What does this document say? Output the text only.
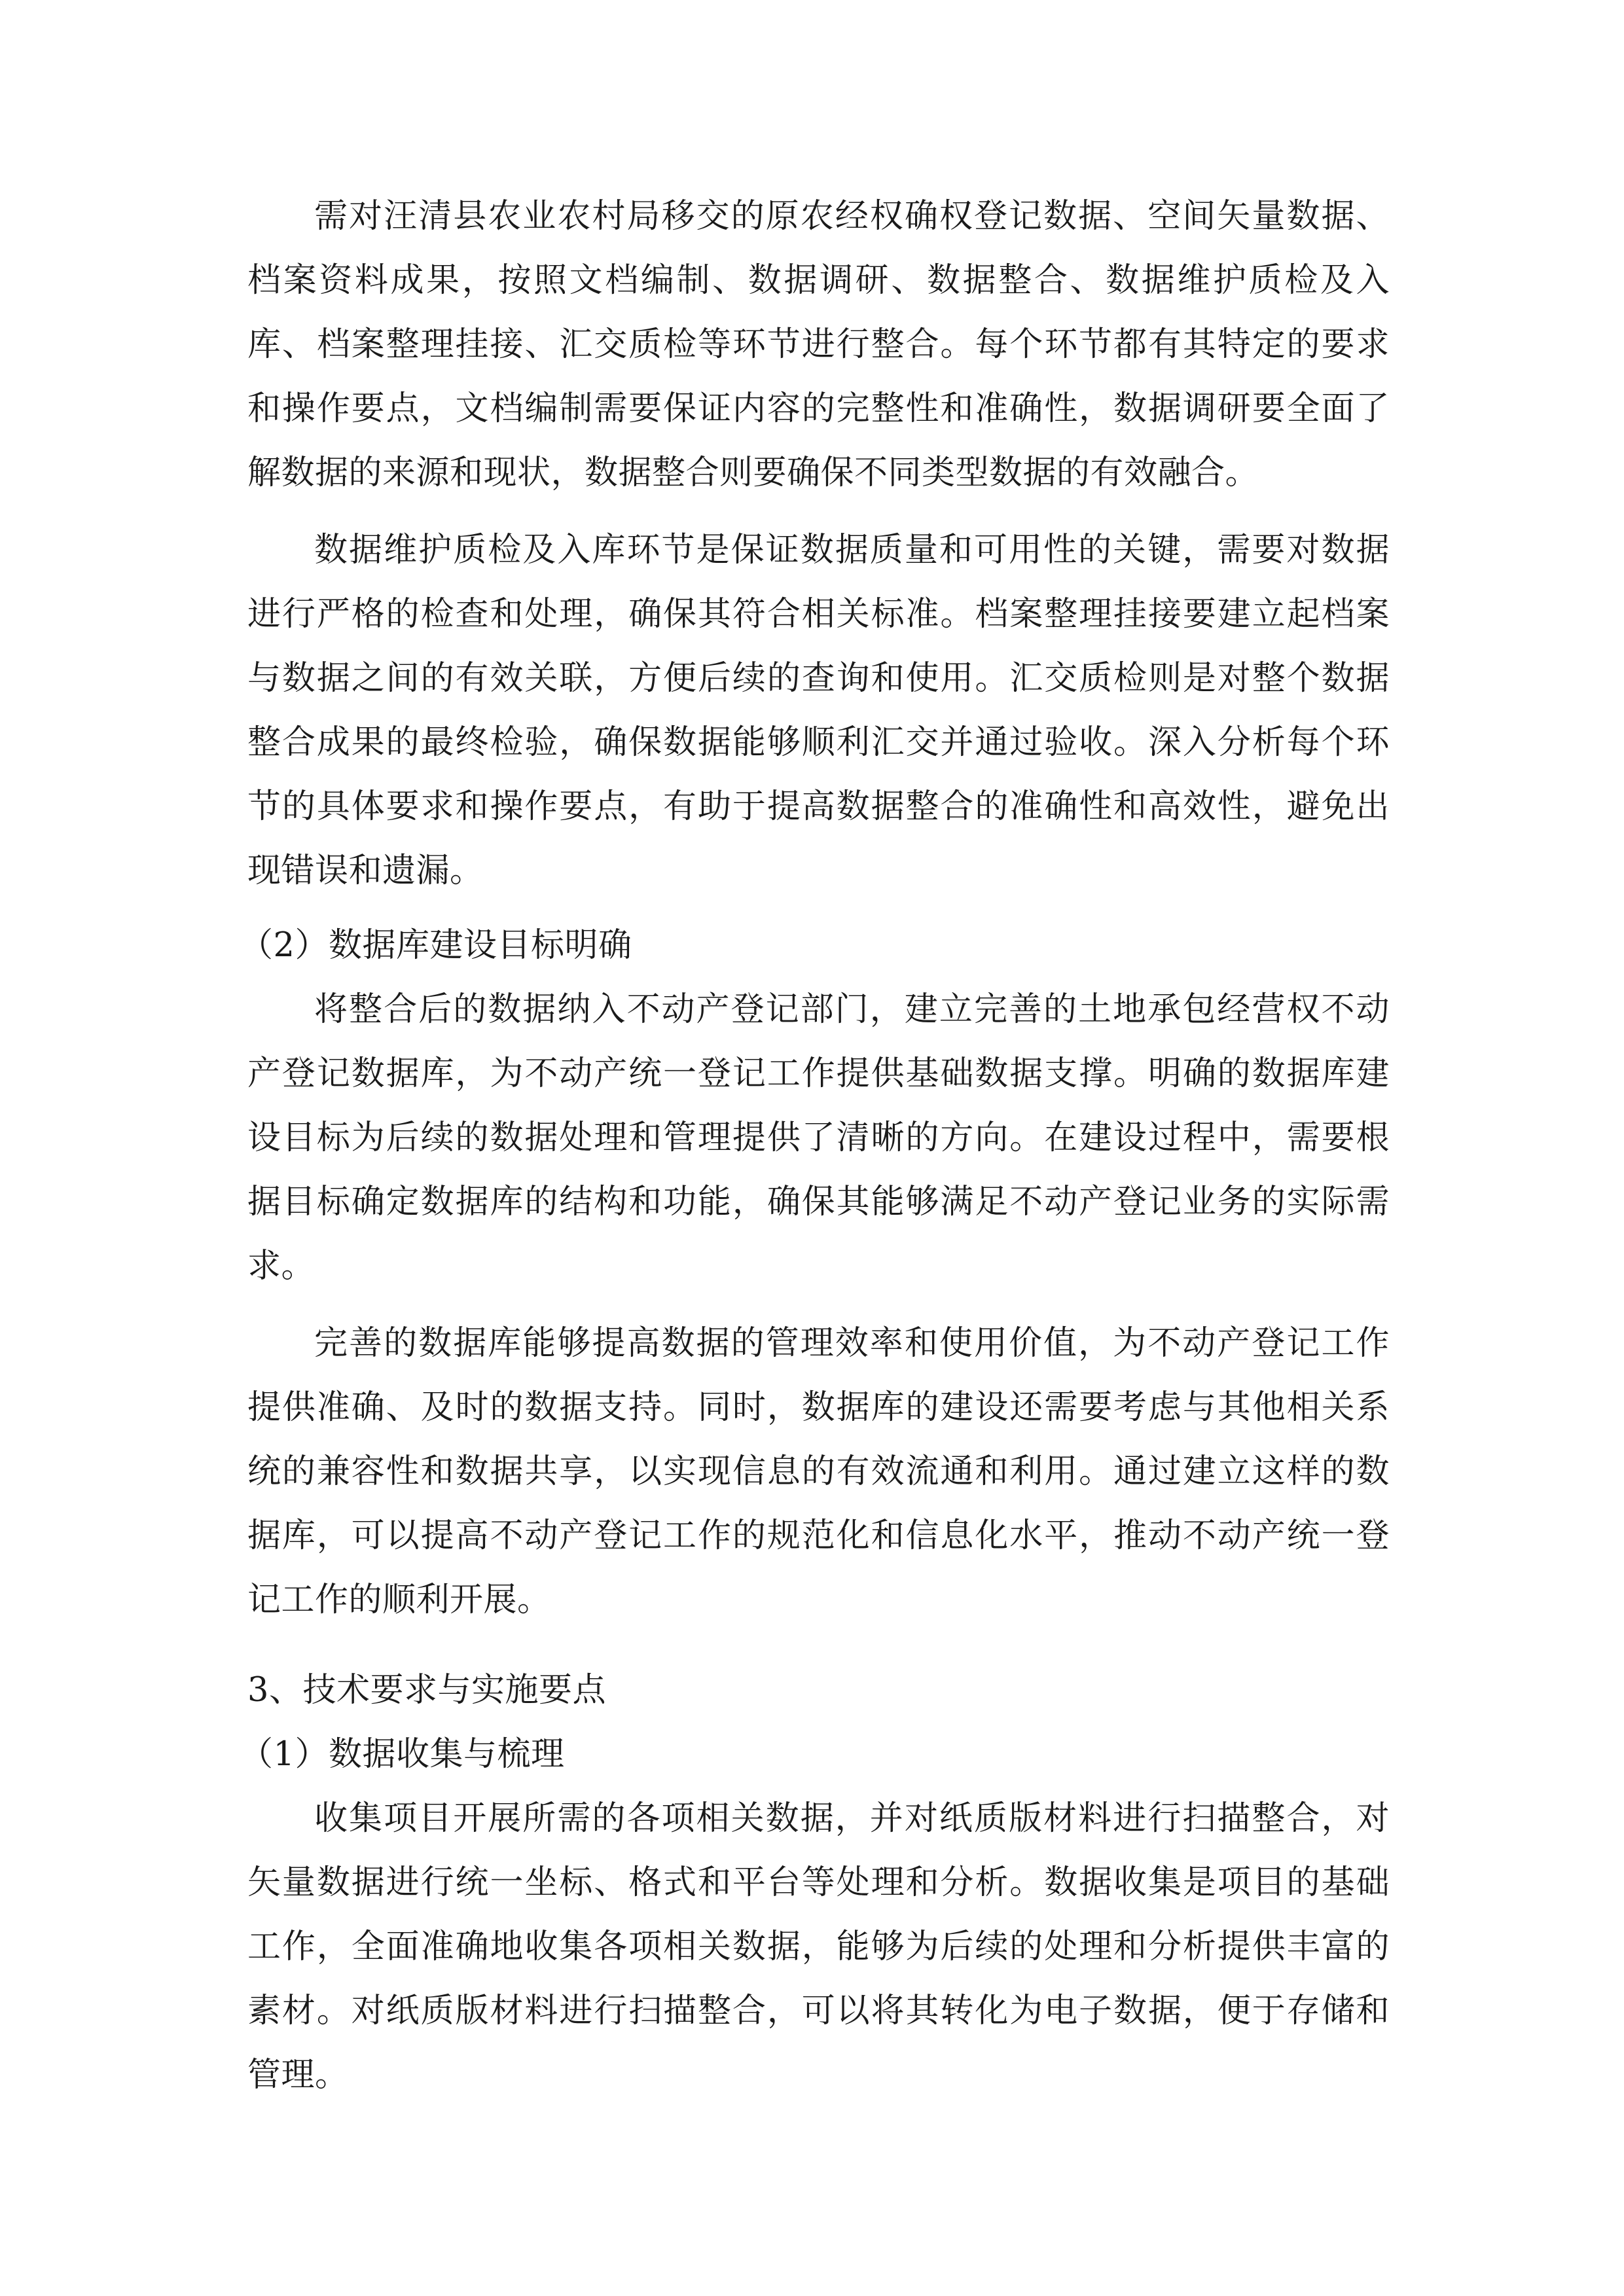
需对汪清县农业农村局移交的原农经权确权登记数据、空间矢量数据、档案资料成果，按照文档编制、数据调研、数据整合、数据维护质检及入库、档案整理挂接、汇交质检等环节进行整合。每个环节都有其特定的要求和操作要点，文档编制需要保证内容的完整性和准确性，数据调研要全面了解数据的来源和现状，数据整合则要确保不同类型数据的有效融合。

数据维护质检及入库环节是保证数据质量和可用性的关键，需要对数据进行严格的检查和处理，确保其符合相关标准。档案整理挂接要建立起档案与数据之间的有效关联，方便后续的查询和使用。汇交质检则是对整个数据整合成果的最终检验，确保数据能够顺利汇交并通过验收。深入分析每个环节的具体要求和操作要点，有助于提高数据整合的准确性和高效性，避免出现错误和遗漏。

（2）数据库建设目标明确

将整合后的数据纳入不动产登记部门，建立完善的土地承包经营权不动产登记数据库，为不动产统一登记工作提供基础数据支撑。明确的数据库建设目标为后续的数据处理和管理提供了清晰的方向。在建设过程中，需要根据目标确定数据库的结构和功能，确保其能够满足不动产登记业务的实际需求。

完善的数据库能够提高数据的管理效率和使用价值，为不动产登记工作提供准确、及时的数据支持。同时，数据库的建设还需要考虑与其他相关系统的兼容性和数据共享，以实现信息的有效流通和利用。通过建立这样的数据库，可以提高不动产登记工作的规范化和信息化水平，推动不动产统一登记工作的顺利开展。

3、技术要求与实施要点

（1）数据收集与梳理

收集项目开展所需的各项相关数据，并对纸质版材料进行扫描整合，对矢量数据进行统一坐标、格式和平台等处理和分析。数据收集是项目的基础工作，全面准确地收集各项相关数据，能够为后续的处理和分析提供丰富的素材。对纸质版材料进行扫描整合，可以将其转化为电子数据，便于存储和管理。
